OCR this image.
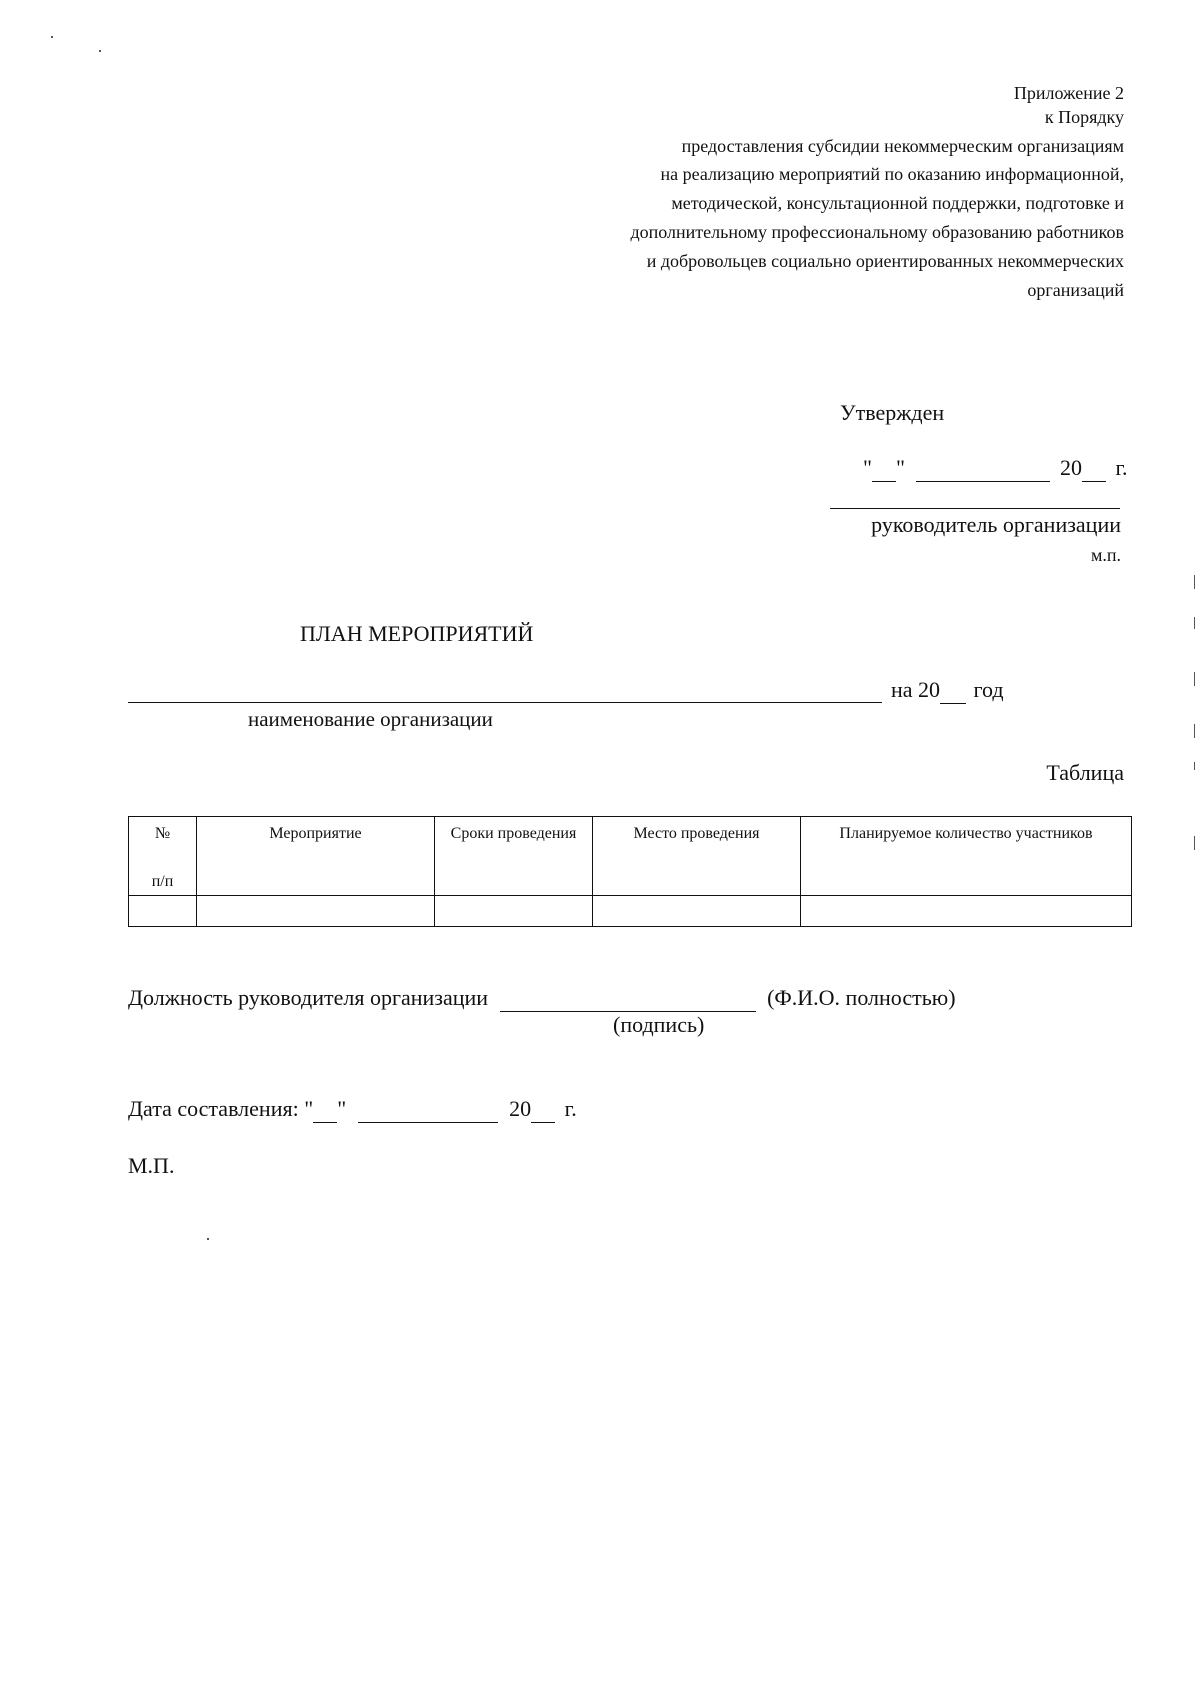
Приложение 2
к Порядку
предоставления субсидии некоммерческим организациям
на реализацию мероприятий по оказанию информационной,
методической, консультационной поддержки, подготовке и
дополнительному профессиональному образованию работников
и добровольцев социально ориентированных некоммерческих
организаций
Утвержден
" "	20 г.
руководитель организации
м.п.
ПЛАН МЕРОПРИЯТИЙ
на 20 год
наименование организации
Таблица
№
п/п	Мероприятие	Сроки проведения	Место проведения	Планируемое количество участников

Должность руководителя организации	(Ф.И.О. полностью)
(подпись)
Дата составления: " "	20 г.
М.П.
